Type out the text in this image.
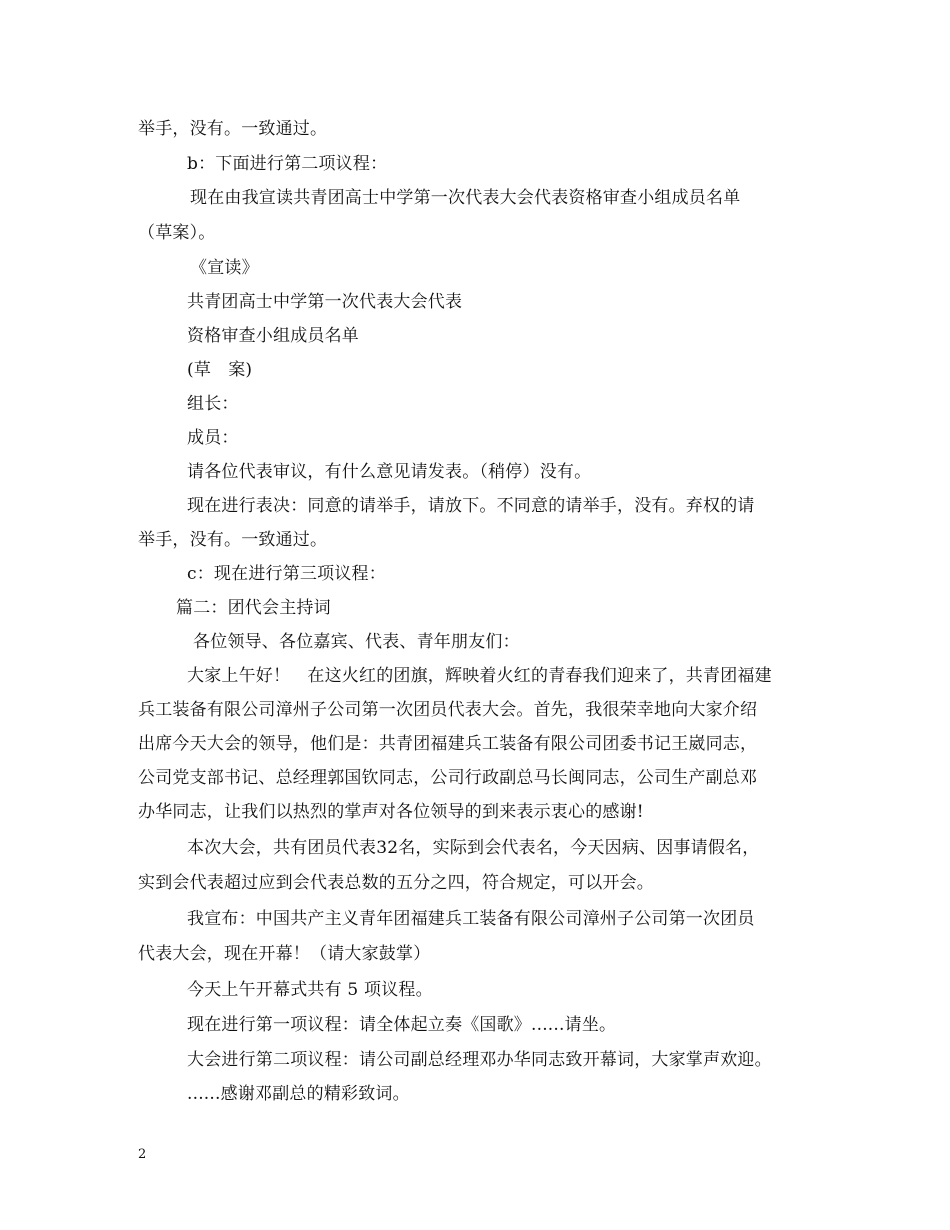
举手，没有。一致通过。
b：下面进行第二项议程：
现在由我宣读共青团高士中学第一次代表大会代表资格审查小组成员名单
（草案）。
《宣读》
共青团高士中学第一次代表大会代表
资格审查小组成员名单
(草　案)
组长：
成员：
请各位代表审议，有什么意见请发表。（稍停）没有。
现在进行表决：同意的请举手，请放下。不同意的请举手，没有。弃权的请
举手，没有。一致通过。
c：现在进行第三项议程：
篇二：团代会主持词
各位领导、各位嘉宾、代表、青年朋友们：
大家上午好！　在这火红的团旗，辉映着火红的青春我们迎来了，共青团福建
兵工装备有限公司漳州子公司第一次团员代表大会。首先，我很荣幸地向大家介绍
出席今天大会的领导，他们是：共青团福建兵工装备有限公司团委书记王崴同志，
公司党支部书记、总经理郭国钦同志，公司行政副总马长闽同志，公司生产副总邓
办华同志，让我们以热烈的掌声对各位领导的到来表示衷心的感谢!
本次大会，共有团员代表32名，实际到会代表名，今天因病、因事请假名，
实到会代表超过应到会代表总数的五分之四，符合规定，可以开会。
我宣布：中国共产主义青年团福建兵工装备有限公司漳州子公司第一次团员
代表大会，现在开幕！（请大家鼓掌）
今天上午开幕式共有 5 项议程。
现在进行第一项议程：请全体起立奏《国歌》......请坐。
大会进行第二项议程：请公司副总经理邓办华同志致开幕词，大家掌声欢迎。
......感谢邓副总的精彩致词。
2
